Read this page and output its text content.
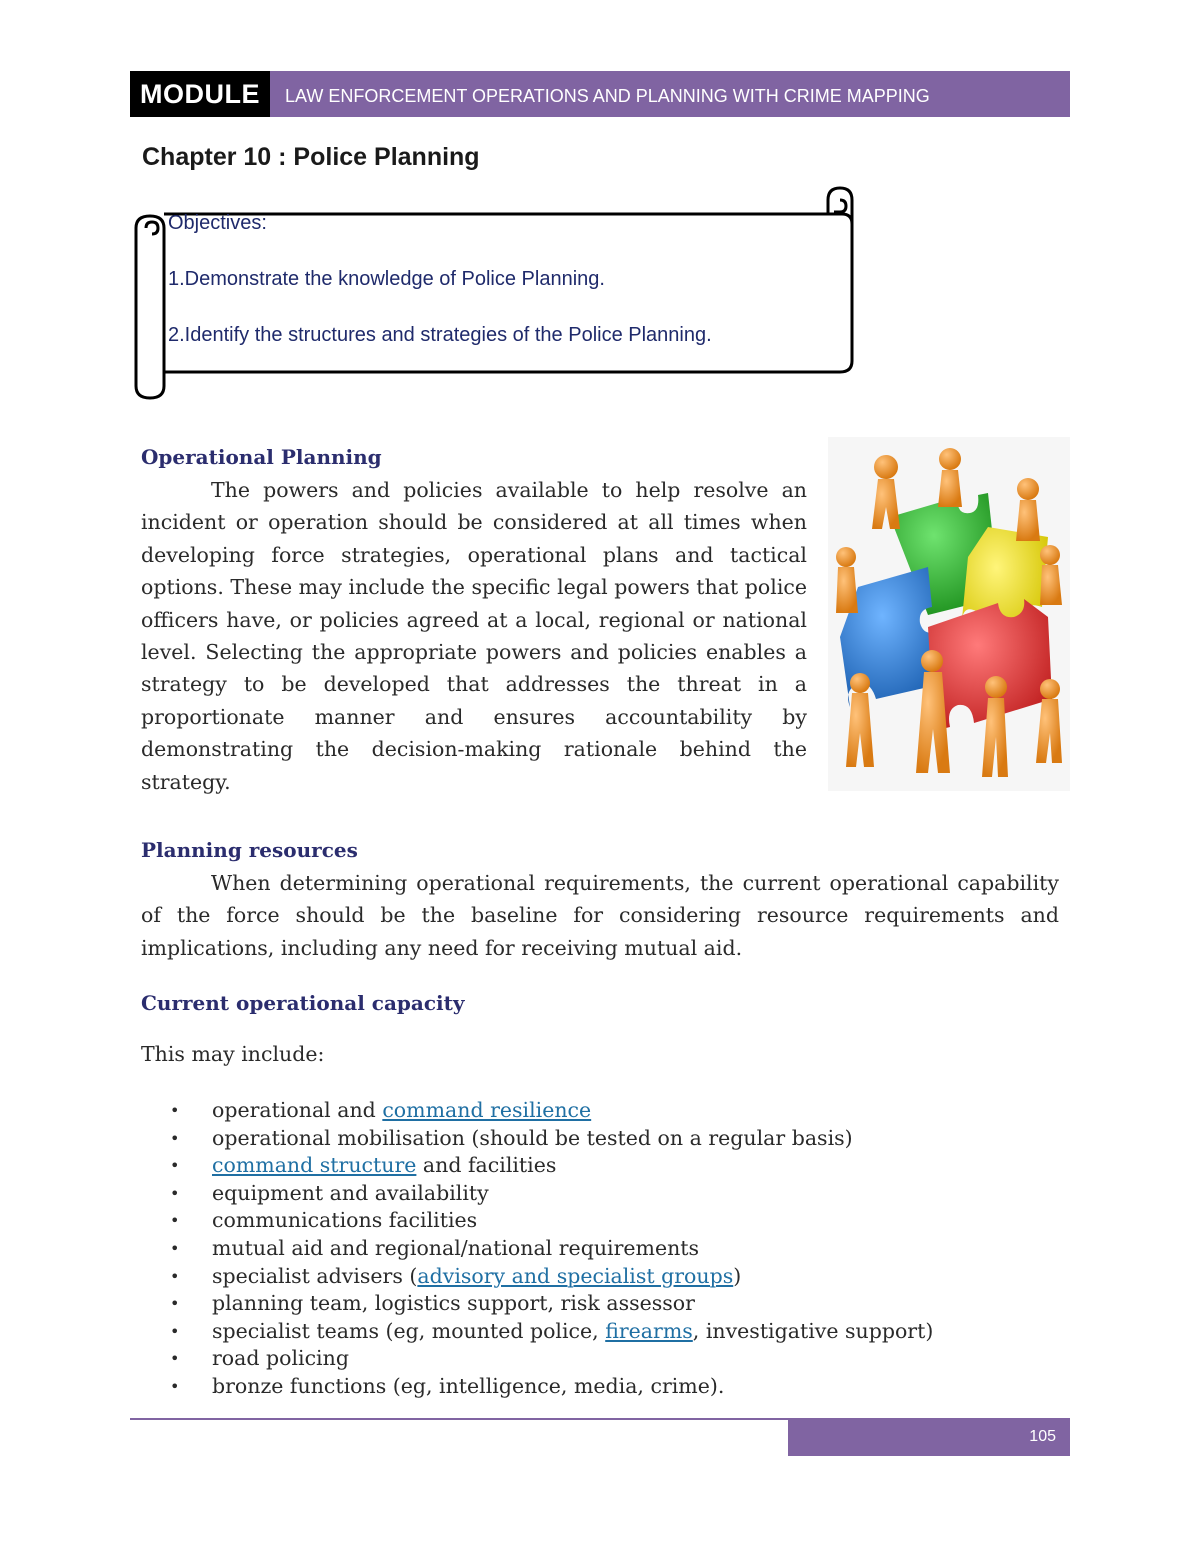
MODULE	LAW ENFORCEMENT OPERATIONS AND PLANNING WITH CRIME MAPPING
Chapter 10 : Police Planning

Objectives:

1.Demonstrate the knowledge of Police Planning.

2.Identify the structures and strategies of the Police Planning.

Operational Planning

The powers and policies available to help resolve an incident or operation should be considered at all times when developing force strategies, operational plans and tactical options. These may include the specific legal powers that police officers have, or policies agreed at a local, regional or national level. Selecting the appropriate powers and policies enables a strategy to be developed that addresses the threat in a proportionate manner and ensures accountability by demonstrating the decision-making rationale behind the strategy.

Planning resources

When determining operational requirements, the current operational capability of the force should be the baseline for considering resource requirements and implications, including any need for receiving mutual aid.

Current operational capacity

This may include:

• operational and command resilience
• operational mobilisation (should be tested on a regular basis)
• command structure and facilities
• equipment and availability
• communications facilities
• mutual aid and regional/national requirements
• specialist advisers (advisory and specialist groups)
• planning team, logistics support, risk assessor
• specialist teams (eg, mounted police, firearms, investigative support)
• road policing
• bronze functions (eg, intelligence, media, crime).
105
